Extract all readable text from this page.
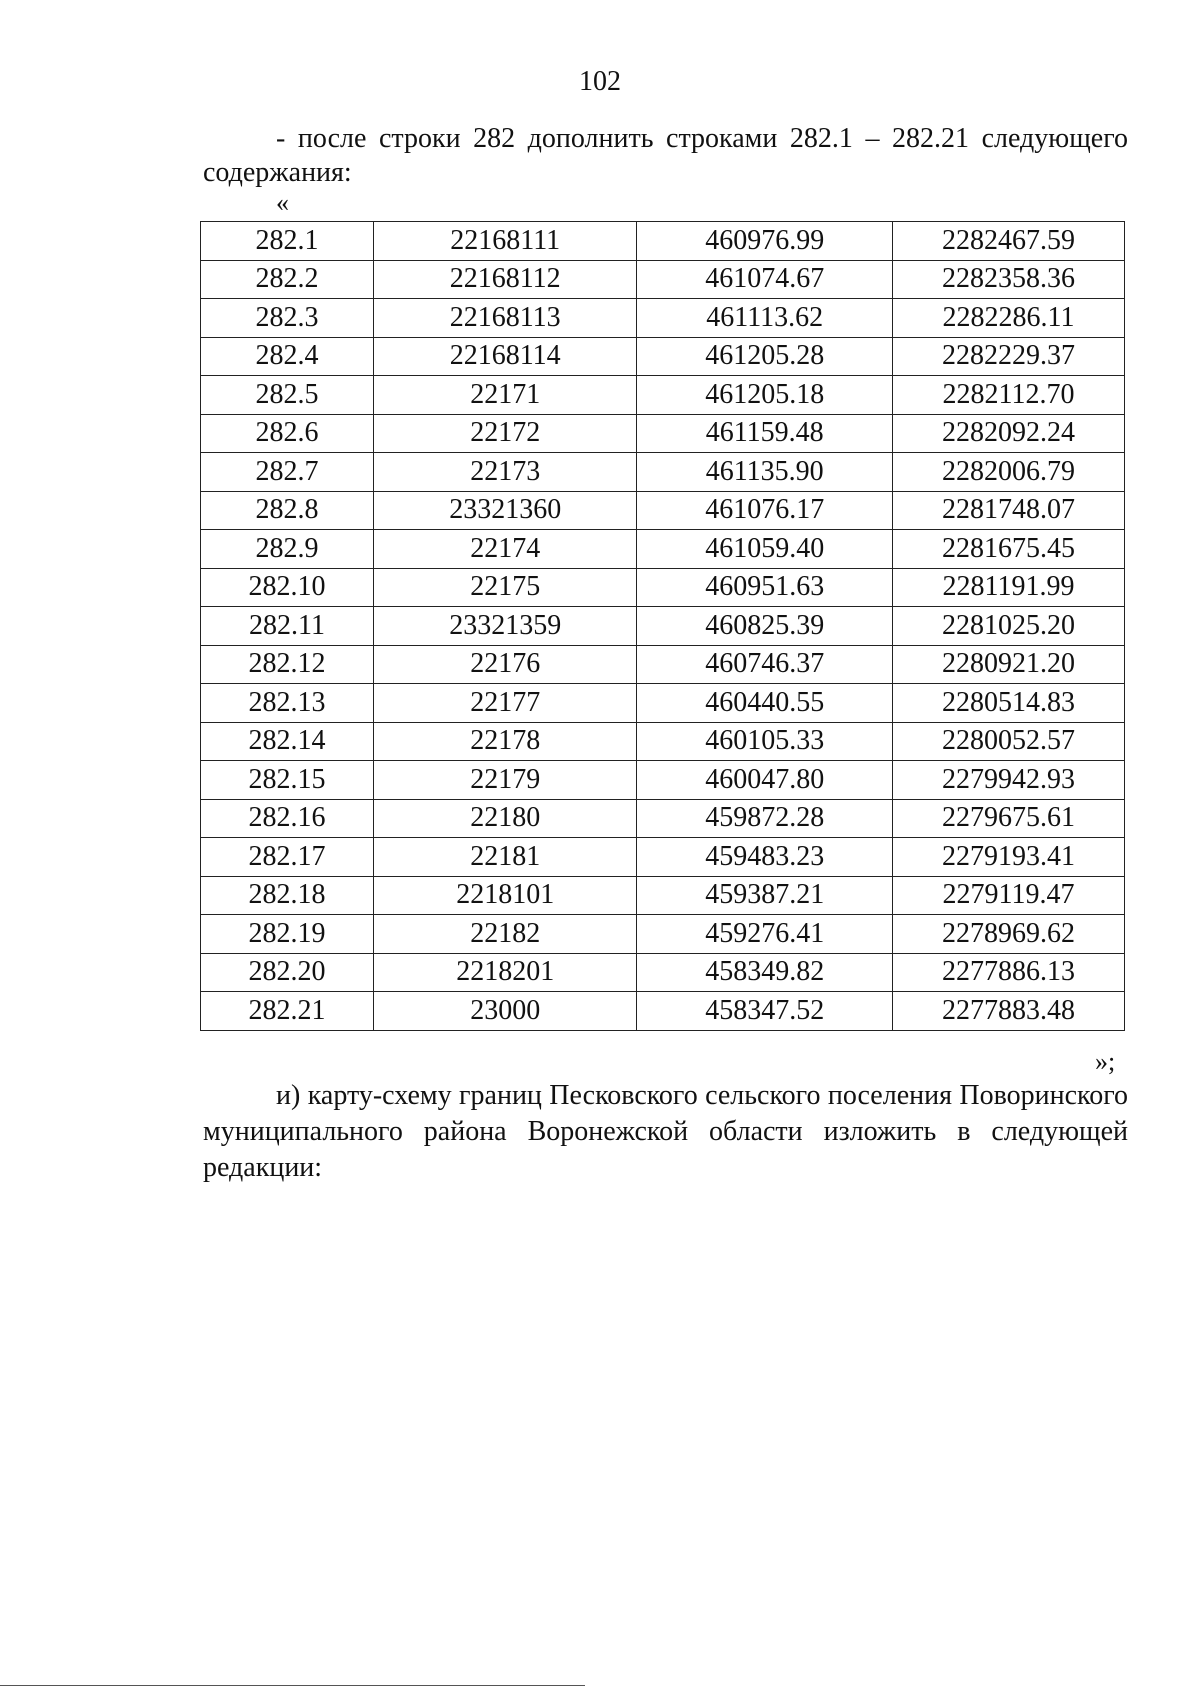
102
- после строки 282 дополнить строками 282.1 – 282.21 следующего содержания:
«
282.1	22168111	460976.99	2282467.59
282.2	22168112	461074.67	2282358.36
282.3	22168113	461113.62	2282286.11
282.4	22168114	461205.28	2282229.37
282.5	22171	461205.18	2282112.70
282.6	22172	461159.48	2282092.24
282.7	22173	461135.90	2282006.79
282.8	23321360	461076.17	2281748.07
282.9	22174	461059.40	2281675.45
282.10	22175	460951.63	2281191.99
282.11	23321359	460825.39	2281025.20
282.12	22176	460746.37	2280921.20
282.13	22177	460440.55	2280514.83
282.14	22178	460105.33	2280052.57
282.15	22179	460047.80	2279942.93
282.16	22180	459872.28	2279675.61
282.17	22181	459483.23	2279193.41
282.18	2218101	459387.21	2279119.47
282.19	22182	459276.41	2278969.62
282.20	2218201	458349.82	2277886.13
282.21	23000	458347.52	2277883.48
»;
и) карту-схему границ Песковского сельского поселения Поворинского муниципального района Воронежской области изложить в следующей редакции:
